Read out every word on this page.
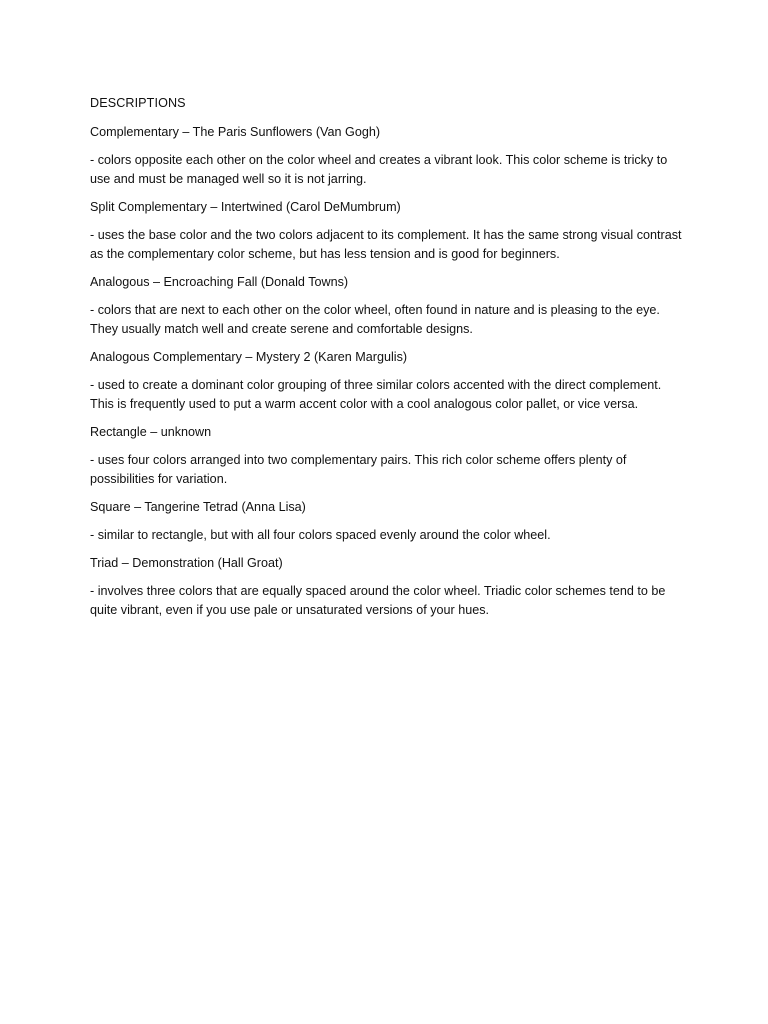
DESCRIPTIONS

Complementary – The Paris Sunflowers (Van Gogh)

- colors opposite each other on the color wheel and creates a vibrant look. This color scheme is tricky to use and must be managed well so it is not jarring.

Split Complementary – Intertwined (Carol DeMumbrum)

- uses the base color and the two colors adjacent to its complement. It has the same strong visual contrast as the complementary color scheme, but has less tension and is good for beginners.

Analogous – Encroaching Fall (Donald Towns)

- colors that are next to each other on the color wheel, often found in nature and is pleasing to the eye. They usually match well and create serene and comfortable designs.

Analogous Complementary – Mystery 2 (Karen Margulis)

- used to create a dominant color grouping of three similar colors accented with the direct complement. This is frequently used to put a warm accent color with a cool analogous color pallet, or vice versa.

Rectangle – unknown

- uses four colors arranged into two complementary pairs. This rich color scheme offers plenty of possibilities for variation.

Square – Tangerine Tetrad (Anna Lisa)

- similar to rectangle, but with all four colors spaced evenly around the color wheel.

Triad – Demonstration (Hall Groat)

- involves three colors that are equally spaced around the color wheel. Triadic color schemes tend to be quite vibrant, even if you use pale or unsaturated versions of your hues.
